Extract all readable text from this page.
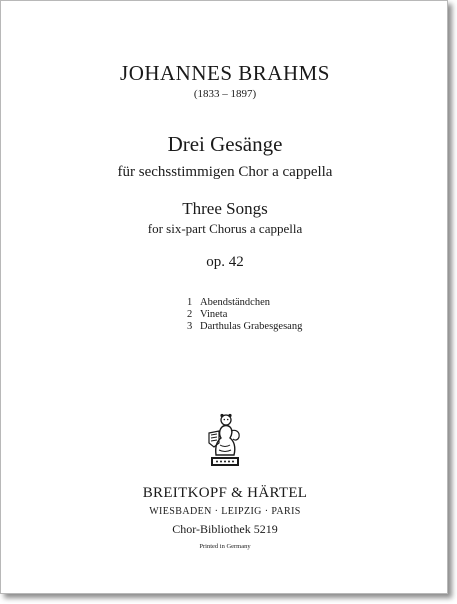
JOHANNES BRAHMS
(1833 – 1897)
Drei Gesänge
für sechsstimmigen Chor a cappella
Three Songs
for six-part Chorus a cappella
op. 42
1 Abendständchen
2 Vineta
3 Darthulas Grabesgesang
BREITKOPF & HÄRTEL
WIESBADEN · LEIPZIG · PARIS
Chor-Bibliothek 5219
Printed in Germany
